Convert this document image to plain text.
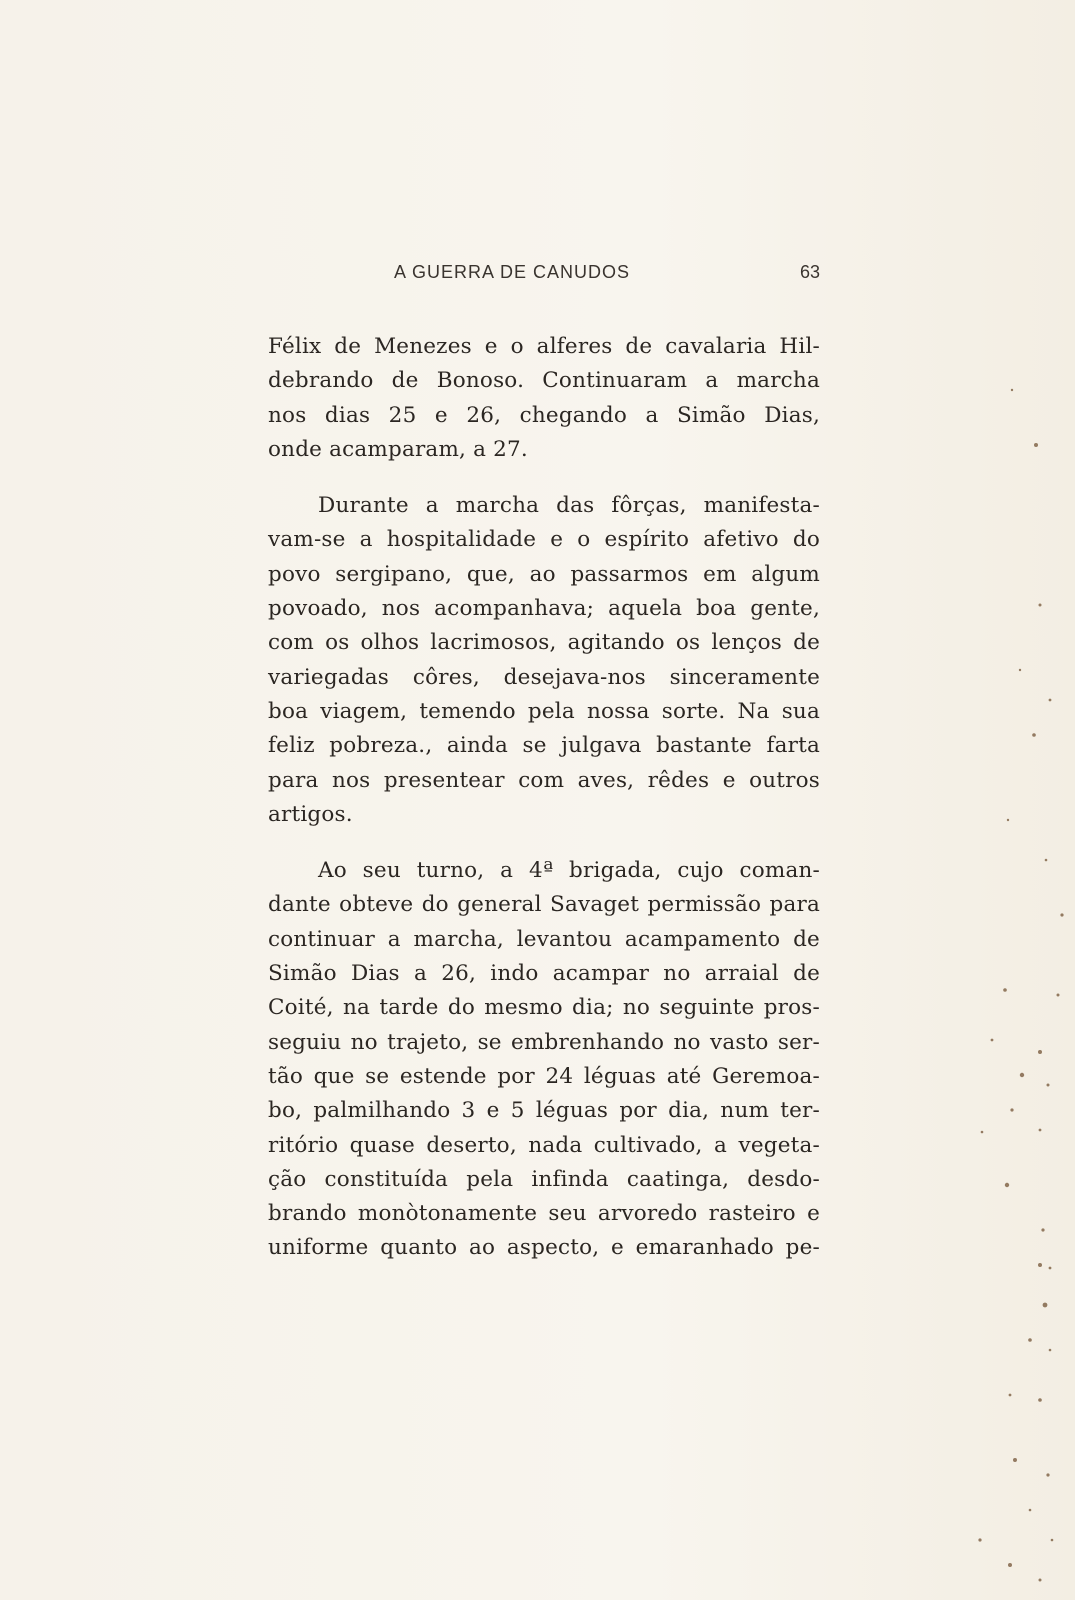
A GUERRA DE CANUDOS	63

Félix de Menezes e o alferes de cavalaria Hil-
debrando de Bonoso. Continuaram a marcha
nos dias 25 e 26, chegando a Simão Dias,
onde acamparam, a 27.

Durante a marcha das fôrças, manifesta-
vam-se a hospitalidade e o espírito afetivo do
povo sergipano, que, ao passarmos em algum
povoado, nos acompanhava; aquela boa gente,
com os olhos lacrimosos, agitando os lenços de
variegadas côres, desejava-nos sinceramente
boa viagem, temendo pela nossa sorte. Na sua
feliz pobreza., ainda se julgava bastante farta
para nos presentear com aves, rêdes e outros
artigos.

Ao seu turno, a 4ª brigada, cujo coman-
dante obteve do general Savaget permissão para
continuar a marcha, levantou acampamento de
Simão Dias a 26, indo acampar no arraial de
Coité, na tarde do mesmo dia; no seguinte pros-
seguiu no trajeto, se embrenhando no vasto ser-
tão que se estende por 24 léguas até Geremoa-
bo, palmilhando 3 e 5 léguas por dia, num ter-
ritório quase deserto, nada cultivado, a vegeta-
ção constituída pela infinda caatinga, desdo-
brando monòtonamente seu arvoredo rasteiro e
uniforme quanto ao aspecto, e emaranhado pe-
